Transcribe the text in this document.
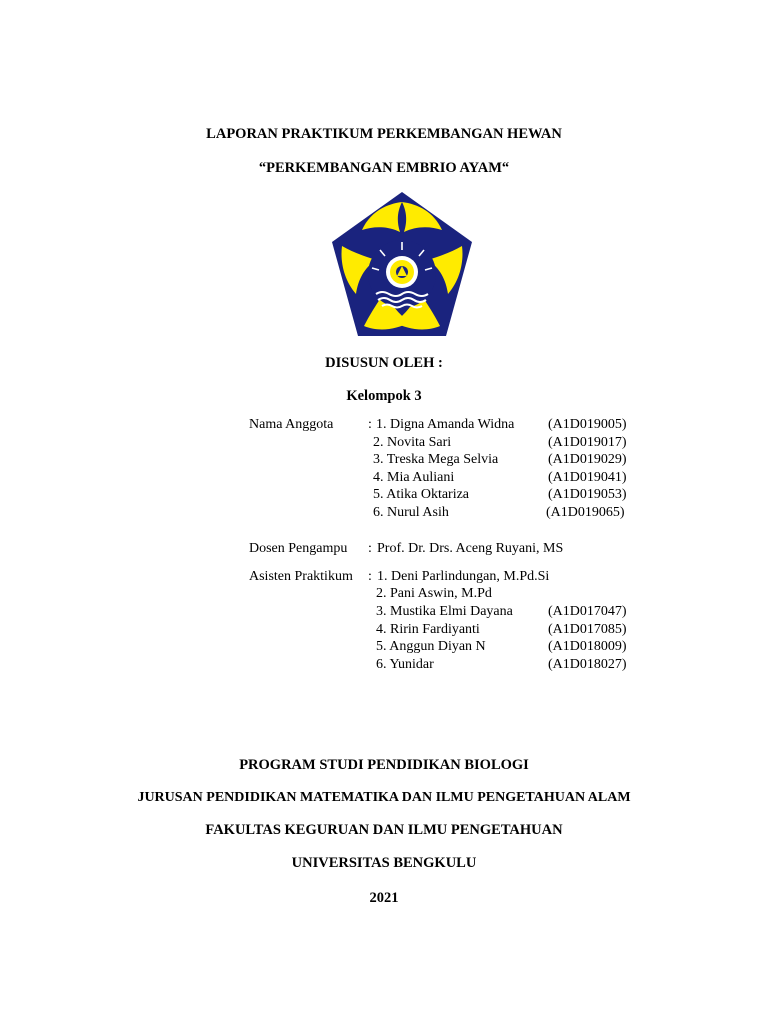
LAPORAN PRAKTIKUM PERKEMBANGAN HEWAN
“PERKEMBANGAN EMBRIO AYAM“
DISUSUN OLEH :
Kelompok 3
Nama Anggota : 1. Digna Amanda Widna (A1D019005)
2. Novita Sari	(A1D019017)
3. Treska Mega Selvia	(A1D019029)
4. Mia Auliani	(A1D019041)
5. Atika Oktariza	(A1D019053)
6. Nurul Asih	(A1D019065)
Dosen Pengampu : Prof. Dr. Drs. Aceng Ruyani, MS
Asisten Praktikum : 1. Deni Parlindungan, M.Pd.Si
2. Pani Aswin, M.Pd
3. Mustika Elmi Dayana	(A1D017047)
4. Ririn Fardiyanti	(A1D017085)
5. Anggun Diyan N	(A1D018009)
6. Yunidar	(A1D018027)
PROGRAM STUDI PENDIDIKAN BIOLOGI
JURUSAN PENDIDIKAN MATEMATIKA DAN ILMU PENGETAHUAN ALAM
FAKULTAS KEGURUAN DAN ILMU PENGETAHUAN
UNIVERSITAS BENGKULU
2021
